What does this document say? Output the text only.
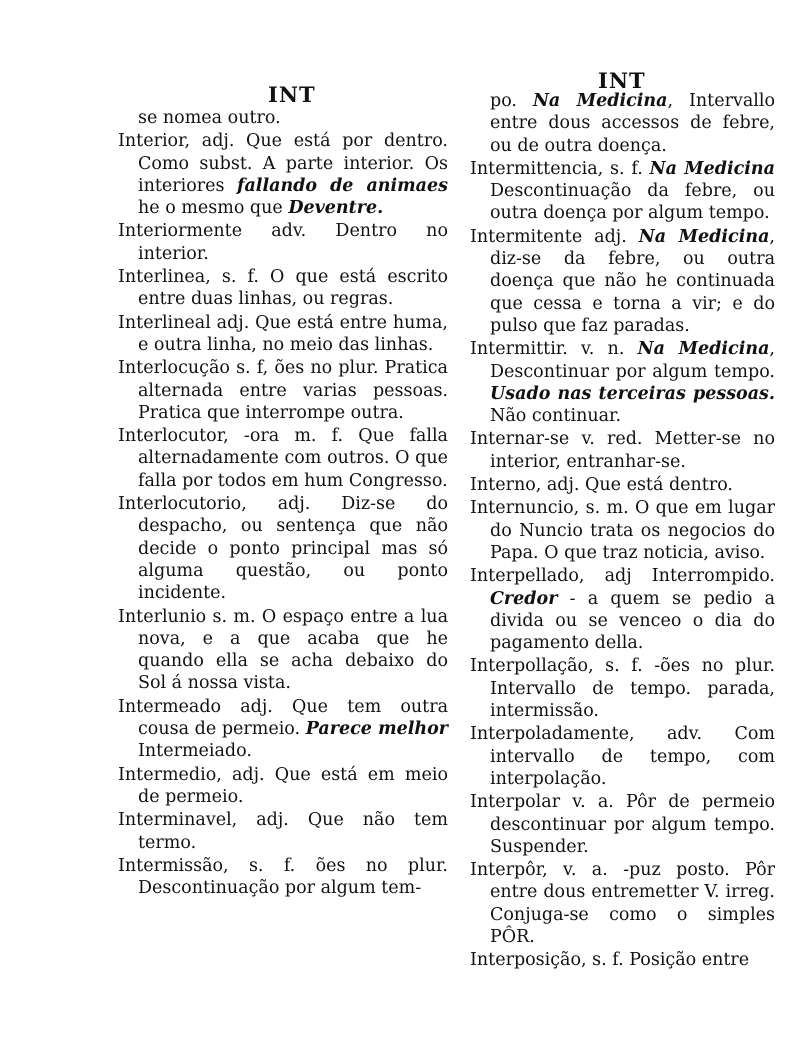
INT
INT
se nomea outro.
Interior, adj. Que está por dentro. Como subst. A parte interior. Os interiores fallando de animaes he o mesmo que Deventre.
Interiormente adv. Dentro no interior.
Interlinea, s. f. O que está escrito entre duas linhas, ou regras.
Interlineal adj. Que está entre huma, e outra linha, no meio das linhas.
Interlocução s. f, ões no plur. Pratica alternada entre varias pessoas. Pratica que interrompe outra.
Interlocutor, -ora m. f. Que falla alternadamente com outros. O que falla por todos em hum Congresso.
Interlocutorio, adj. Diz-se do despacho, ou sentença que não decide o ponto principal mas só alguma questão, ou ponto incidente.
Interlunio s. m. O espaço entre a lua nova, e a que acaba que he quando ella se acha debaixo do Sol á nossa vista.
Intermeado adj. Que tem outra cousa de permeio. Parece melhor Intermeiado.
Intermedio, adj. Que está em meio de permeio.
Interminavel, adj. Que não tem termo.
Intermissão, s. f. ões no plur. Descontinuação por algum tem-
po. Na Medicina, Intervallo entre dous accessos de febre, ou de outra doença.
Intermittencia, s. f. Na Medicina Descontinuação da febre, ou outra doença por algum tempo.
Intermitente adj. Na Medicina, diz-se da febre, ou outra doença que não he continuada que cessa e torna a vir; e do pulso que faz paradas.
Intermittir. v. n. Na Medicina, Descontinuar por algum tempo. Usado nas terceiras pessoas. Não continuar.
Internar-se v. red. Metter-se no interior, entranhar-se.
Interno, adj. Que está dentro.
Internuncio, s. m. O que em lugar do Nuncio trata os negocios do Papa. O que traz noticia, aviso.
Interpellado, adj Interrompido. Credor - a quem se pedio a divida ou se venceo o dia do pagamento della.
Interpollação, s. f. -ões no plur. Intervallo de tempo. parada, intermissão.
Interpoladamente, adv. Com intervallo de tempo, com interpolação.
Interpolar v. a. Pôr de permeio descontinuar por algum tempo. Suspender.
Interpôr, v. a. -puz posto. Pôr entre dous entremetter V. irreg. Conjuga-se como o simples PÔR.
Interposição, s. f. Posição entre
